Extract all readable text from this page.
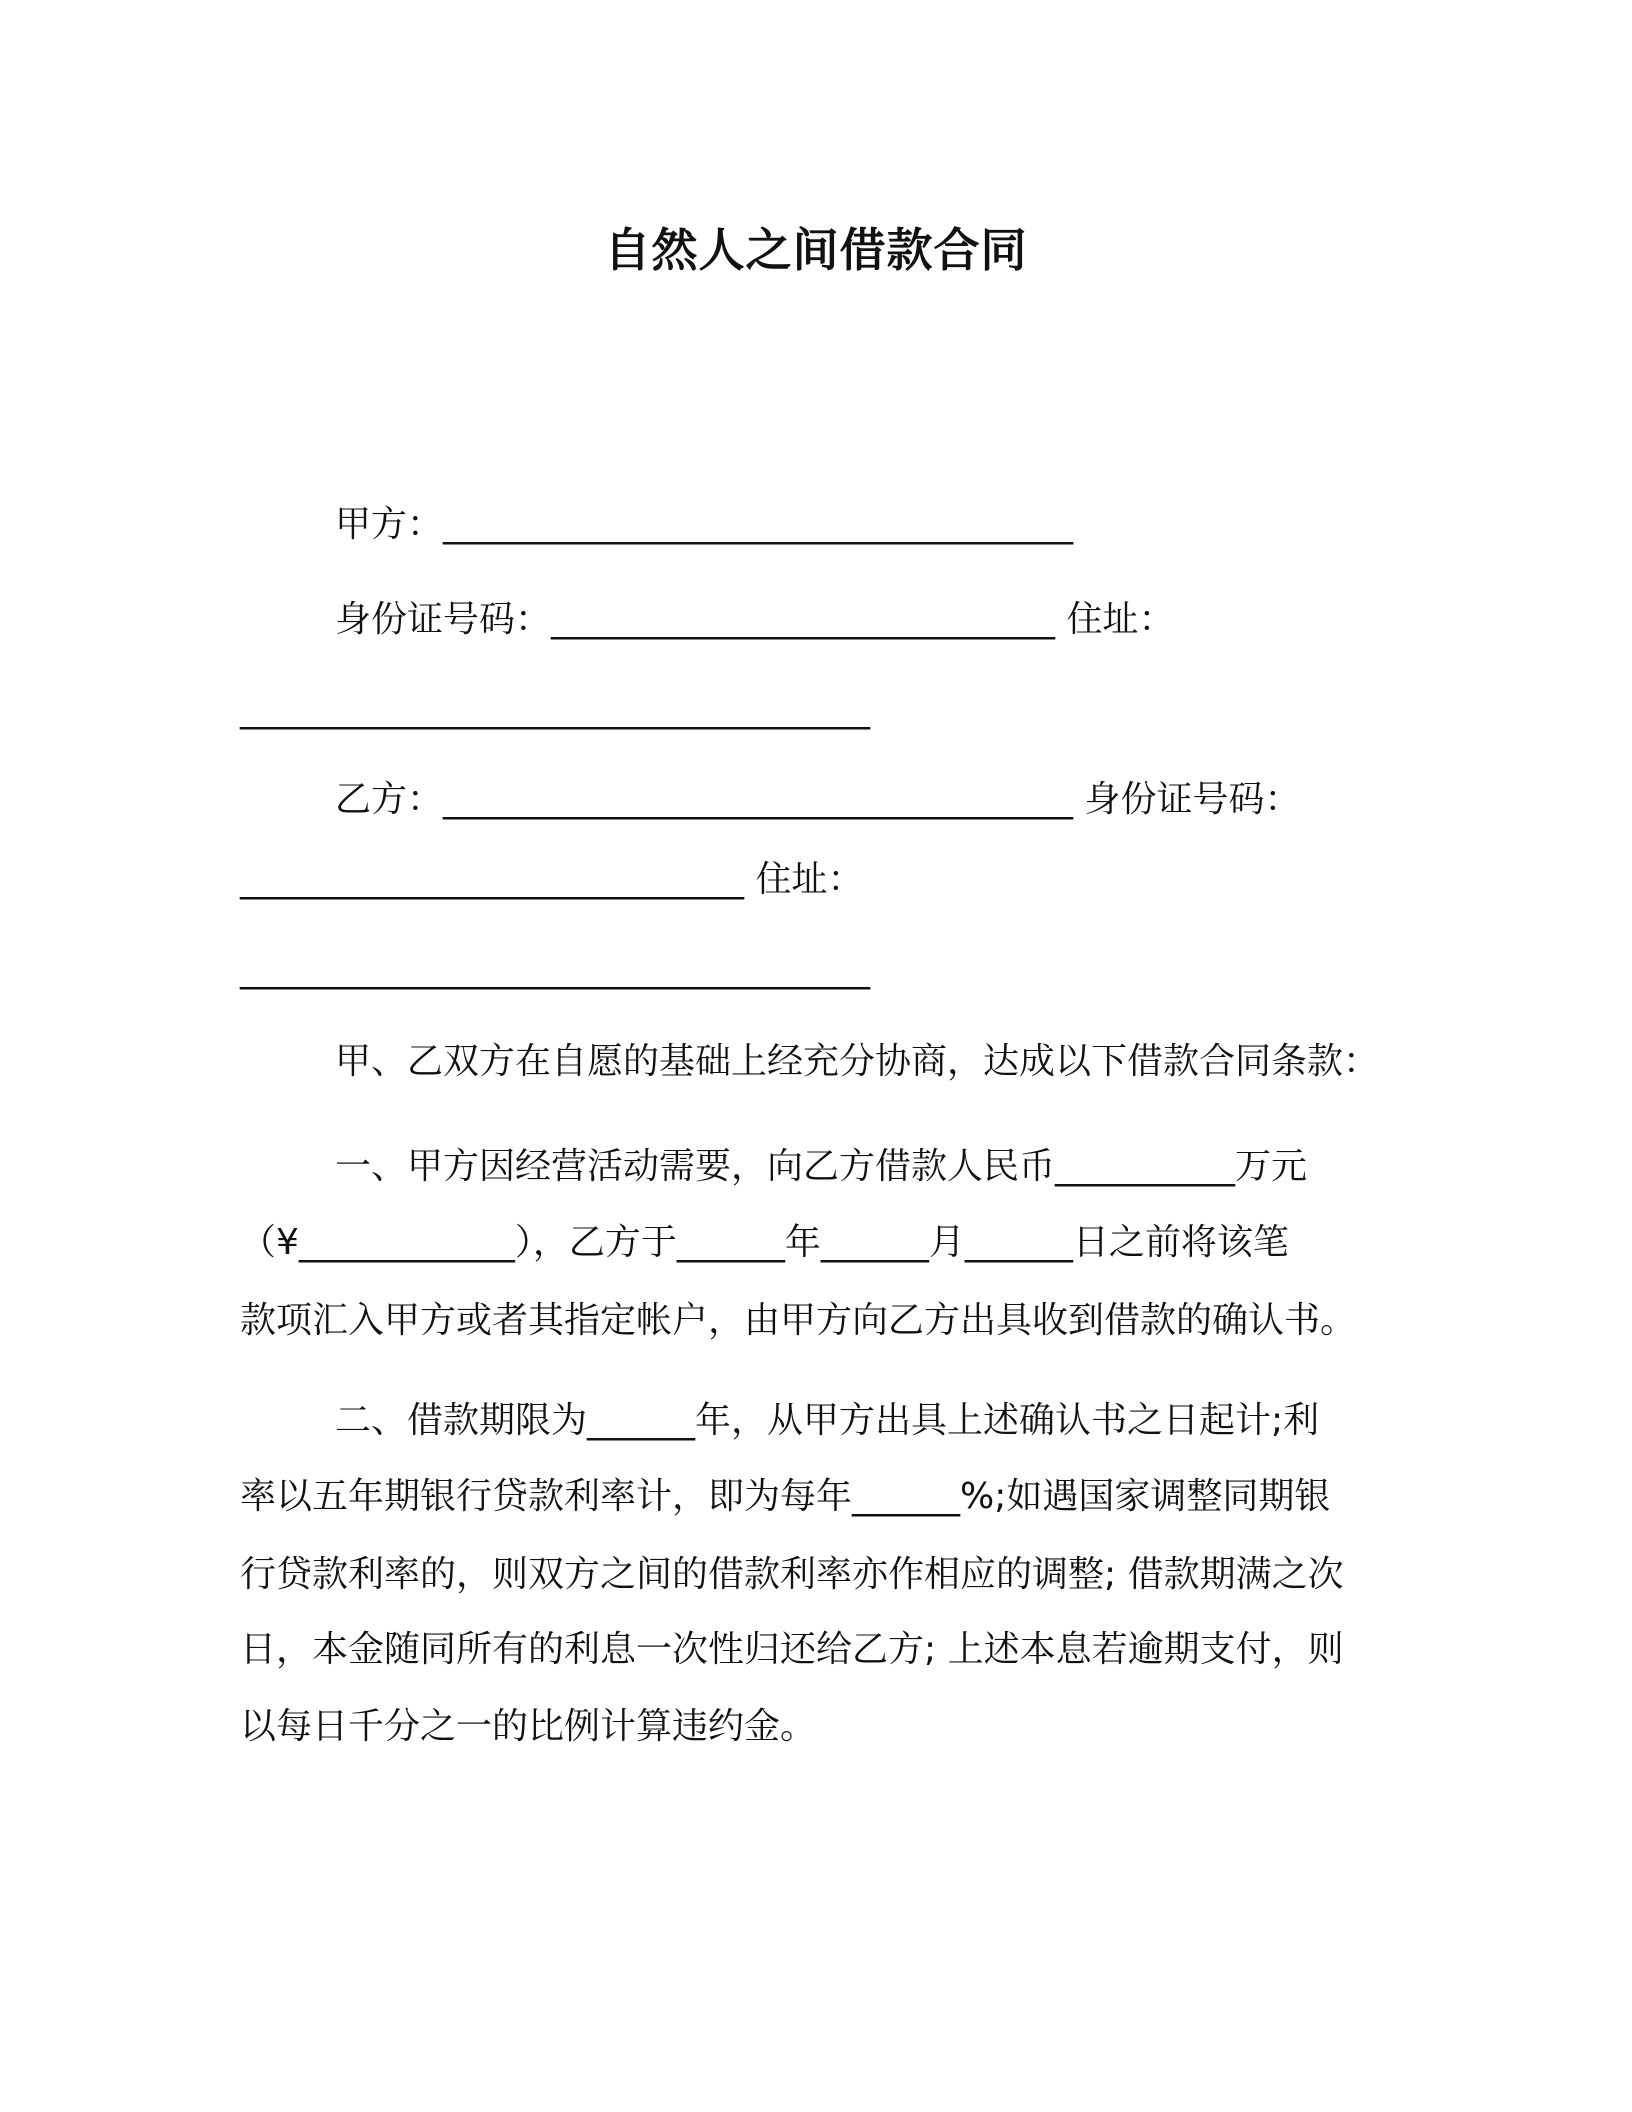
自然人之间借款合同
甲方：___________________________________
身份证号码：____________________________ 住址：
___________________________________
乙方：___________________________________ 身份证号码：
____________________________ 住址：
___________________________________
甲、乙双方在自愿的基础上经充分协商，达成以下借款合同条款：
一、甲方因经营活动需要，向乙方借款人民币__________万元
（¥____________），乙方于______年______月______日之前将该笔
款项汇入甲方或者其指定帐户，由甲方向乙方出具收到借款的确认书。
二、借款期限为______年，从甲方出具上述确认书之日起计;利
率以五年期银行贷款利率计，即为每年______%;如遇国家调整同期银
行贷款利率的，则双方之间的借款利率亦作相应的调整; 借款期满之次
日，本金随同所有的利息一次性归还给乙方; 上述本息若逾期支付，则
以每日千分之一的比例计算违约金。
